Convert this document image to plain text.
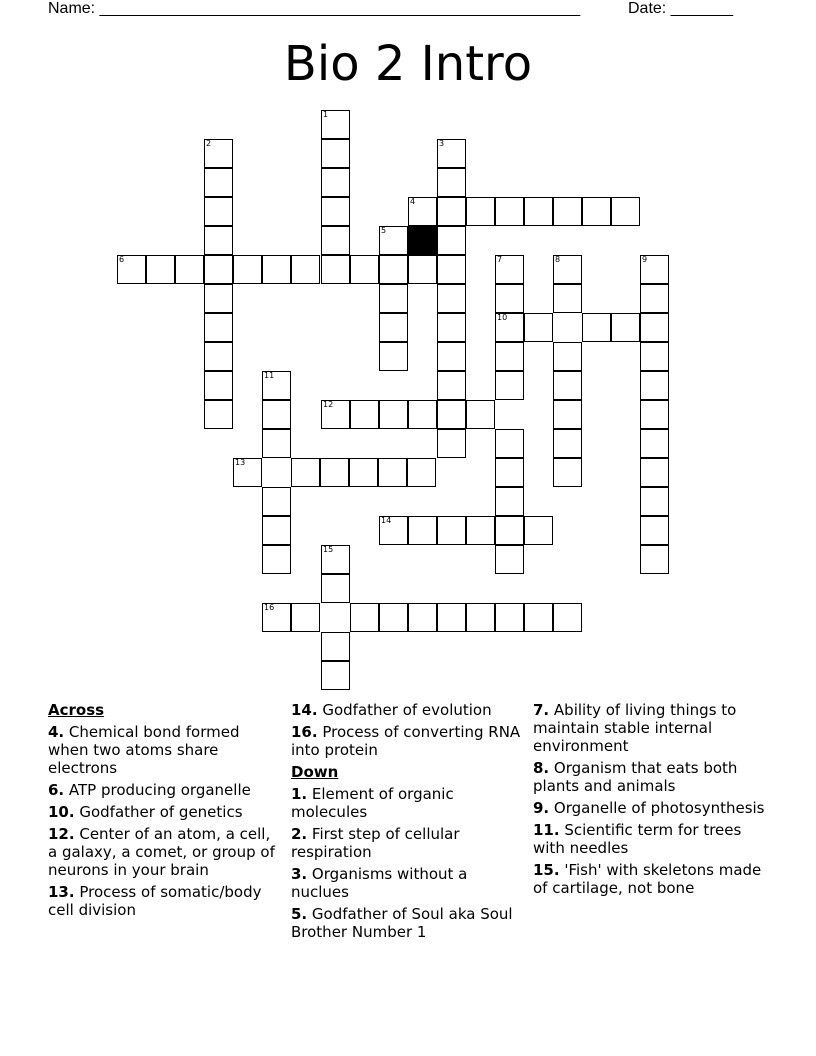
Name: ______________________________________________________	Date: _______
Bio 2 Intro
1
2	3
4
5
6	7	8	9
10
11
12
13
14
15
16

Across

4. Chemical bond formed when two atoms share electrons

6. ATP producing organelle

10. Godfather of genetics

12. Center of an atom, a cell, a galaxy, a comet, or group of neurons in your brain

13. Process of somatic/body cell division

14. Godfather of evolution

16. Process of converting RNA into protein

Down

1. Element of organic molecules

2. First step of cellular respiration

3. Organisms without a nuclues

5. Godfather of Soul aka Soul Brother Number 1

7. Ability of living things to maintain stable internal environment

8. Organism that eats both plants and animals

9. Organelle of photosynthesis

11. Scientific term for trees with needles

15. 'Fish' with skeletons made of cartilage, not bone
